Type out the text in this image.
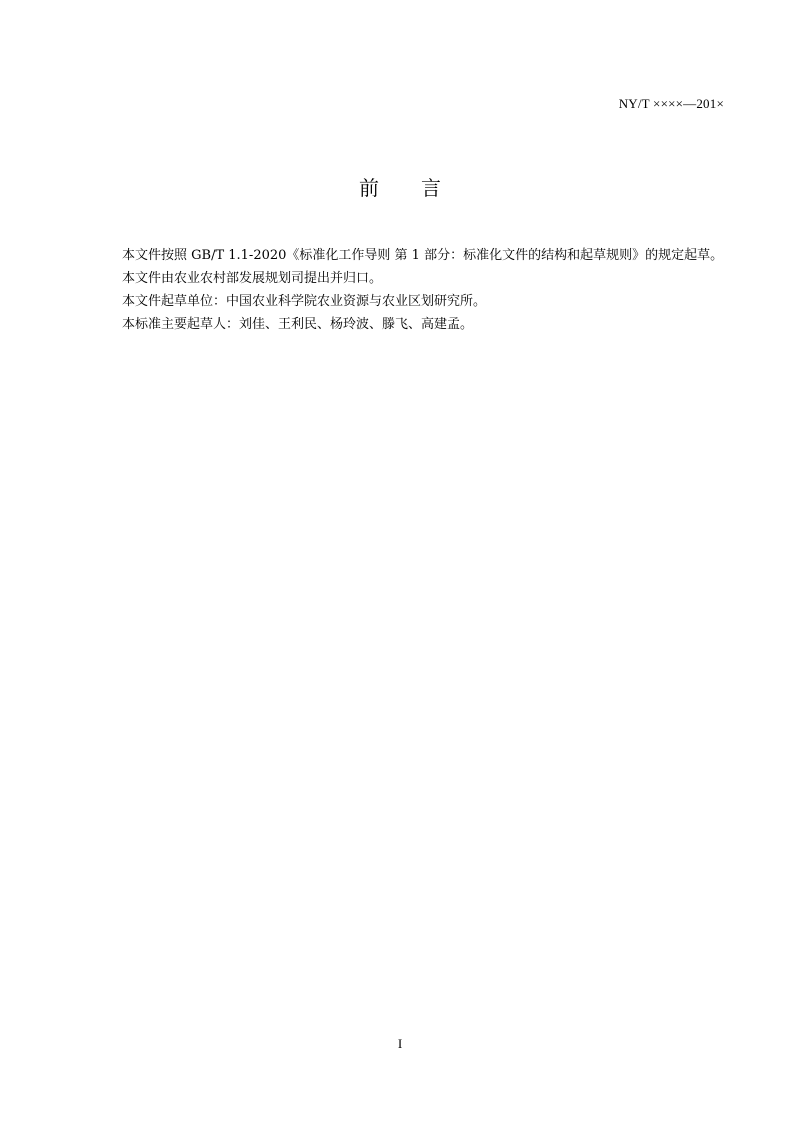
NY/T ××××—201×
前言

本文件按照 GB/T 1.1-2020《标准化工作导则 第 1 部分：标准化文件的结构和起草规则》的规定起草。

本文件由农业农村部发展规划司提出并归口。

本文件起草单位：中国农业科学院农业资源与农业区划研究所。

本标准主要起草人：刘佳、王利民、杨玲波、滕飞、高建孟。

I
